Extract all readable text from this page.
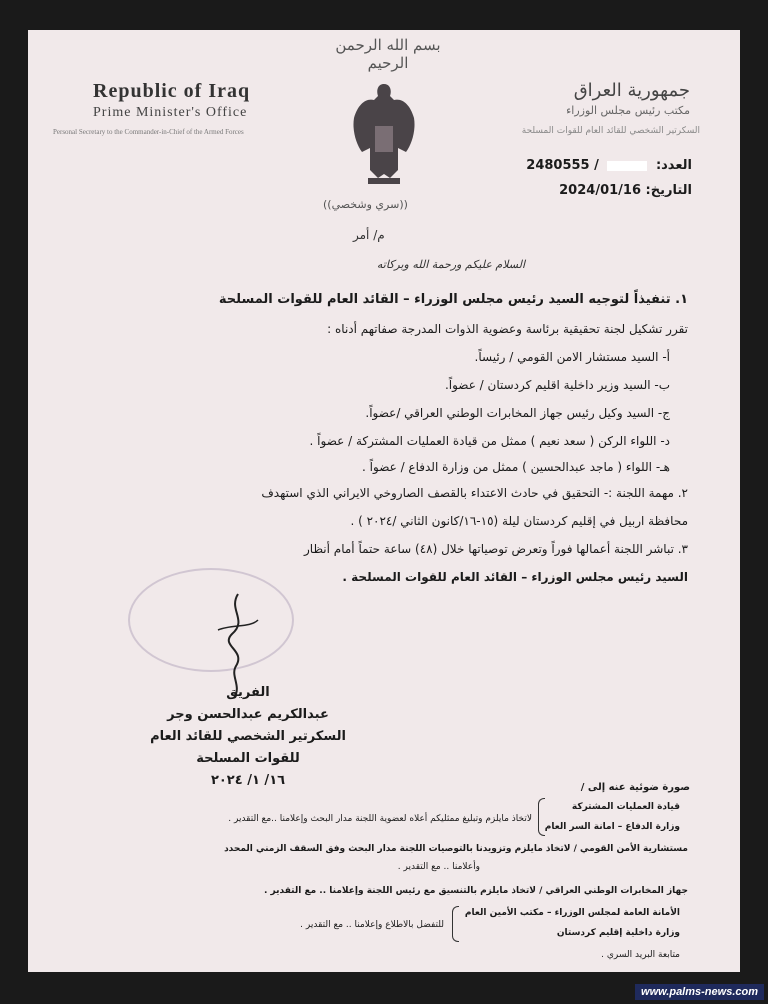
بسم الله الرحمن الرحيم
Republic of Iraq
Prime Minister's Office
Personal Secretary to the Commander-in-Chief of the Armed Forces
جمهورية العراق
مكتب رئيس مجلس الوزراء
السكرتير الشخصي للقائد العام للقوات المسلحة
العدد:  2480555 /
التاريخ: 2024/01/16
((سري وشخصي))
م/ أمر
السلام عليكم ورحمة الله وبركاته
١. تنفيذاً لتوجيه السيد رئيس مجلس الوزراء – القائد العام للقوات المسلحة
تقرر تشكيل لجنة تحقيقية برئاسة وعضوية الذوات المدرجة صفاتهم أدناه :
أ- السيد مستشار الامن القومي / رئيساً.
ب- السيد وزير داخلية اقليم كردستان / عضواً.
ج- السيد وكيل رئيس جهاز المخابرات الوطني العراقي /عضواً.
د- اللواء الركن ( سعد نعيم ) ممثل من قيادة العمليات المشتركة / عضواً .
هـ- اللواء ( ماجد عبدالحسين ) ممثل من وزارة الدفاع / عضواً .
٢. مهمة اللجنة :- التحقيق في حادث الاعتداء بالقصف الصاروخي الايراني الذي استهدف
محافظة اربيل في إقليم كردستان ليلة (١٥-١٦/كانون الثاني /٢٠٢٤ ) .
٣. تباشر اللجنة أعمالها فوراً وتعرض توصياتها خلال (٤٨) ساعة حتماً أمام أنظار
السيد رئيس مجلس الوزراء – القائد العام للقوات المسلحة .
الفريق
عبدالكريم عبدالحسن وجر
السكرتير الشخصي للقائد العام
للقوات المسلحة
١٦/ ١/ ٢٠٢٤	صورة ضوئية عنه إلى /
قيادة العمليات المشتركة
وزارة الدفاع – امانة السر العام
لاتخاذ مايلزم وتبليغ ممثليكم أعلاه لعضوية اللجنة مدار البحث وإعلامنا ..مع التقدير .
مستشارية الأمن القومي / لاتخاذ مايلزم وتزويدنا بالتوصيات اللجنة مدار البحث وفق السقف الزمني المحدد
وأعلامنا .. مع التقدير .
جهاز المخابرات الوطني العراقي / لاتخاذ مايلزم بالتنسيق مع رئيس اللجنة وإعلامنا .. مع التقدير .
الأمانة العامة لمجلس الوزراء – مكتب الأمين العام
وزارة داخلية إقليم كردستان
للتفضل بالاطلاع وإعلامنا .. مع التقدير .
متابعة البريد السري .
www.palms-news.com
